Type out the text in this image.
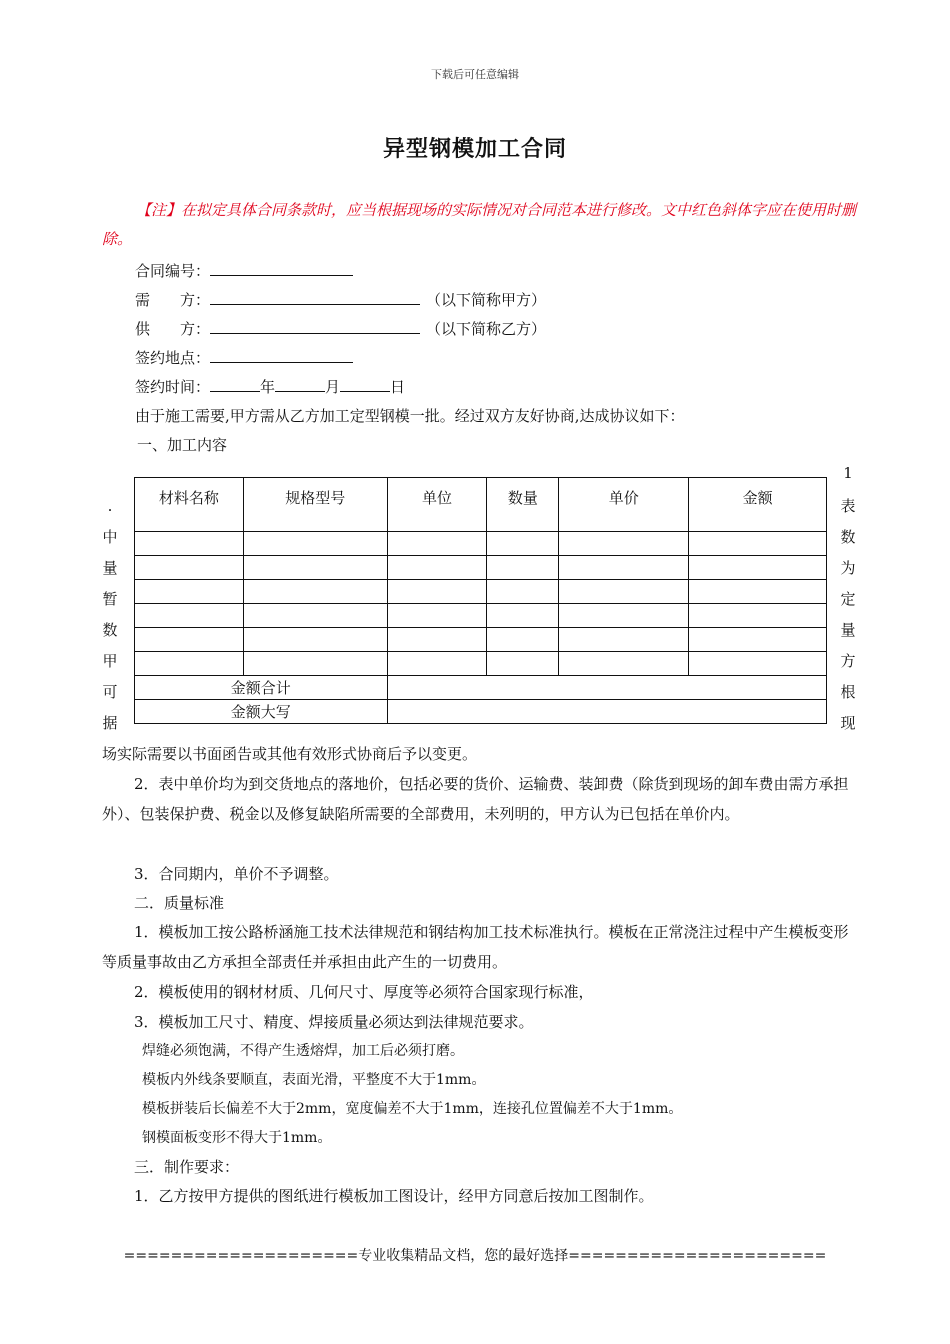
下载后可任意编辑
异型钢模加工合同
【注】在拟定具体合同条款时，应当根据现场的实际情况对合同范本进行修改。文中红色斜体字应在使用时删除。
合同编号：
需　　方：	（以下简称甲方）
供　　方：	（以下简称乙方）
签约地点：
签约时间：	年	月	日
由于施工需要,甲方需从乙方加工定型钢模一批。经过双方友好协商,达成协议如下：
一、加工内容
.
中
量
暂
数
甲
可
据
1
表
数
为
定
量
方
根
现
材料名称	规格型号	单位	数量	单价	金额

金额合计					
金额大写					
场实际需要以书面函告或其他有效形式协商后予以变更。
2．表中单价均为到交货地点的落地价，包括必要的货价、运输费、装卸费（除货到现场的卸车费由需方承担外）、包装保护费、税金以及修复缺陷所需要的全部费用，未列明的，甲方认为已包括在单价内。
3．合同期内，单价不予调整。
二．质量标准
1．模板加工按公路桥涵施工技术法律规范和钢结构加工技术标准执行。模板在正常浇注过程中产生模板变形等质量事故由乙方承担全部责任并承担由此产生的一切费用。
2．模板使用的钢材材质、几何尺寸、厚度等必须符合国家现行标准，
3．模板加工尺寸、精度、焊接质量必须达到法律规范要求。
焊缝必须饱满，不得产生透熔焊，加工后必须打磨。
模板内外线条要顺直，表面光滑，平整度不大于1mm。
模板拼装后长偏差不大于2mm，宽度偏差不大于1mm，连接孔位置偏差不大于1mm。
钢模面板变形不得大于1mm。
三．制作要求：
1．乙方按甲方提供的图纸进行模板加工图设计，经甲方同意后按加工图制作。
====================专业收集精品文档，您的最好选择======================
